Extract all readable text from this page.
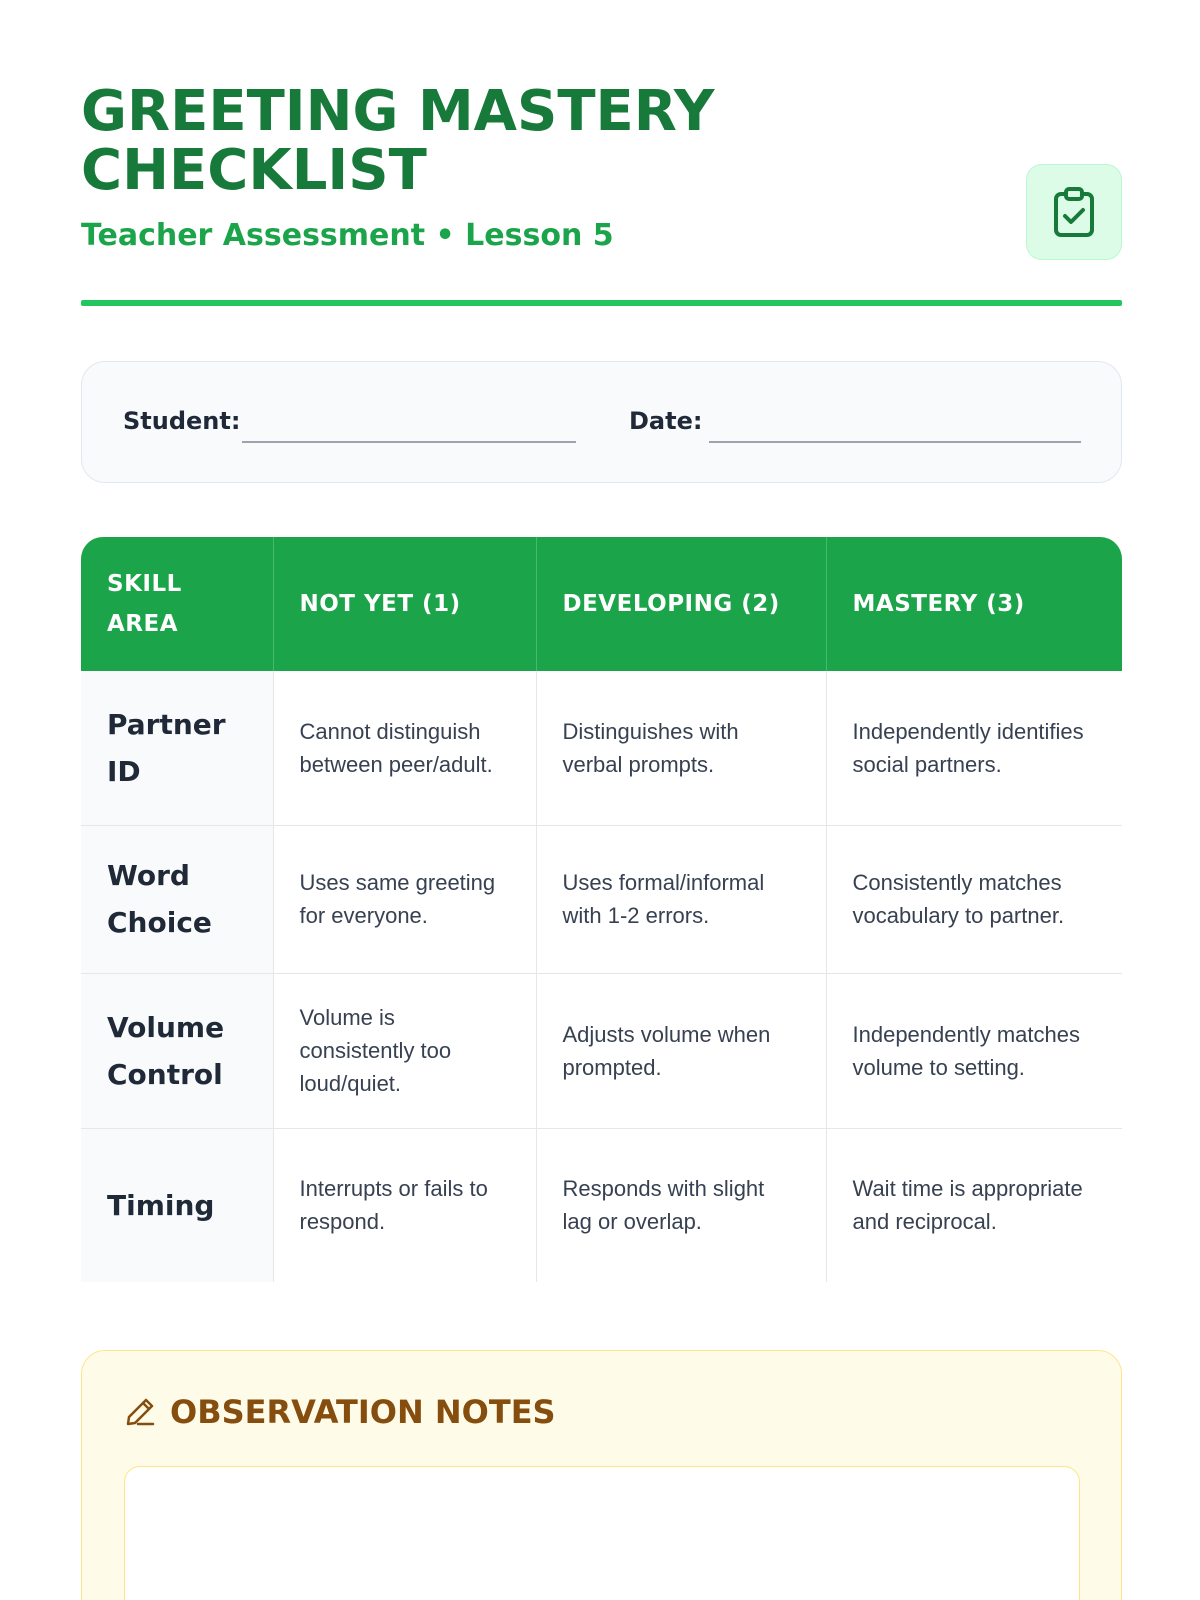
GREETING MASTERY
CHECKLIST
Teacher Assessment • Lesson 5
Student:	Date:
SKILL AREA	NOT YET (1)	DEVELOPING (2)	MASTERY (3)

Partner ID	Cannot distinguish between peer/adult.	Distinguishes with verbal prompts.	Independently identifies social partners.

Word Choice	Uses same greeting for everyone.	Uses formal/informal with 1-2 errors.	Consistently matches vocabulary to partner.

Volume Control	Volume is consistently too loud/quiet.	Adjusts volume when prompted.	Independently matches volume to setting.

Timing	Interrupts or fails to respond.	Responds with slight lag or overlap.	Wait time is appropriate and reciprocal.
OBSERVATION NOTES
